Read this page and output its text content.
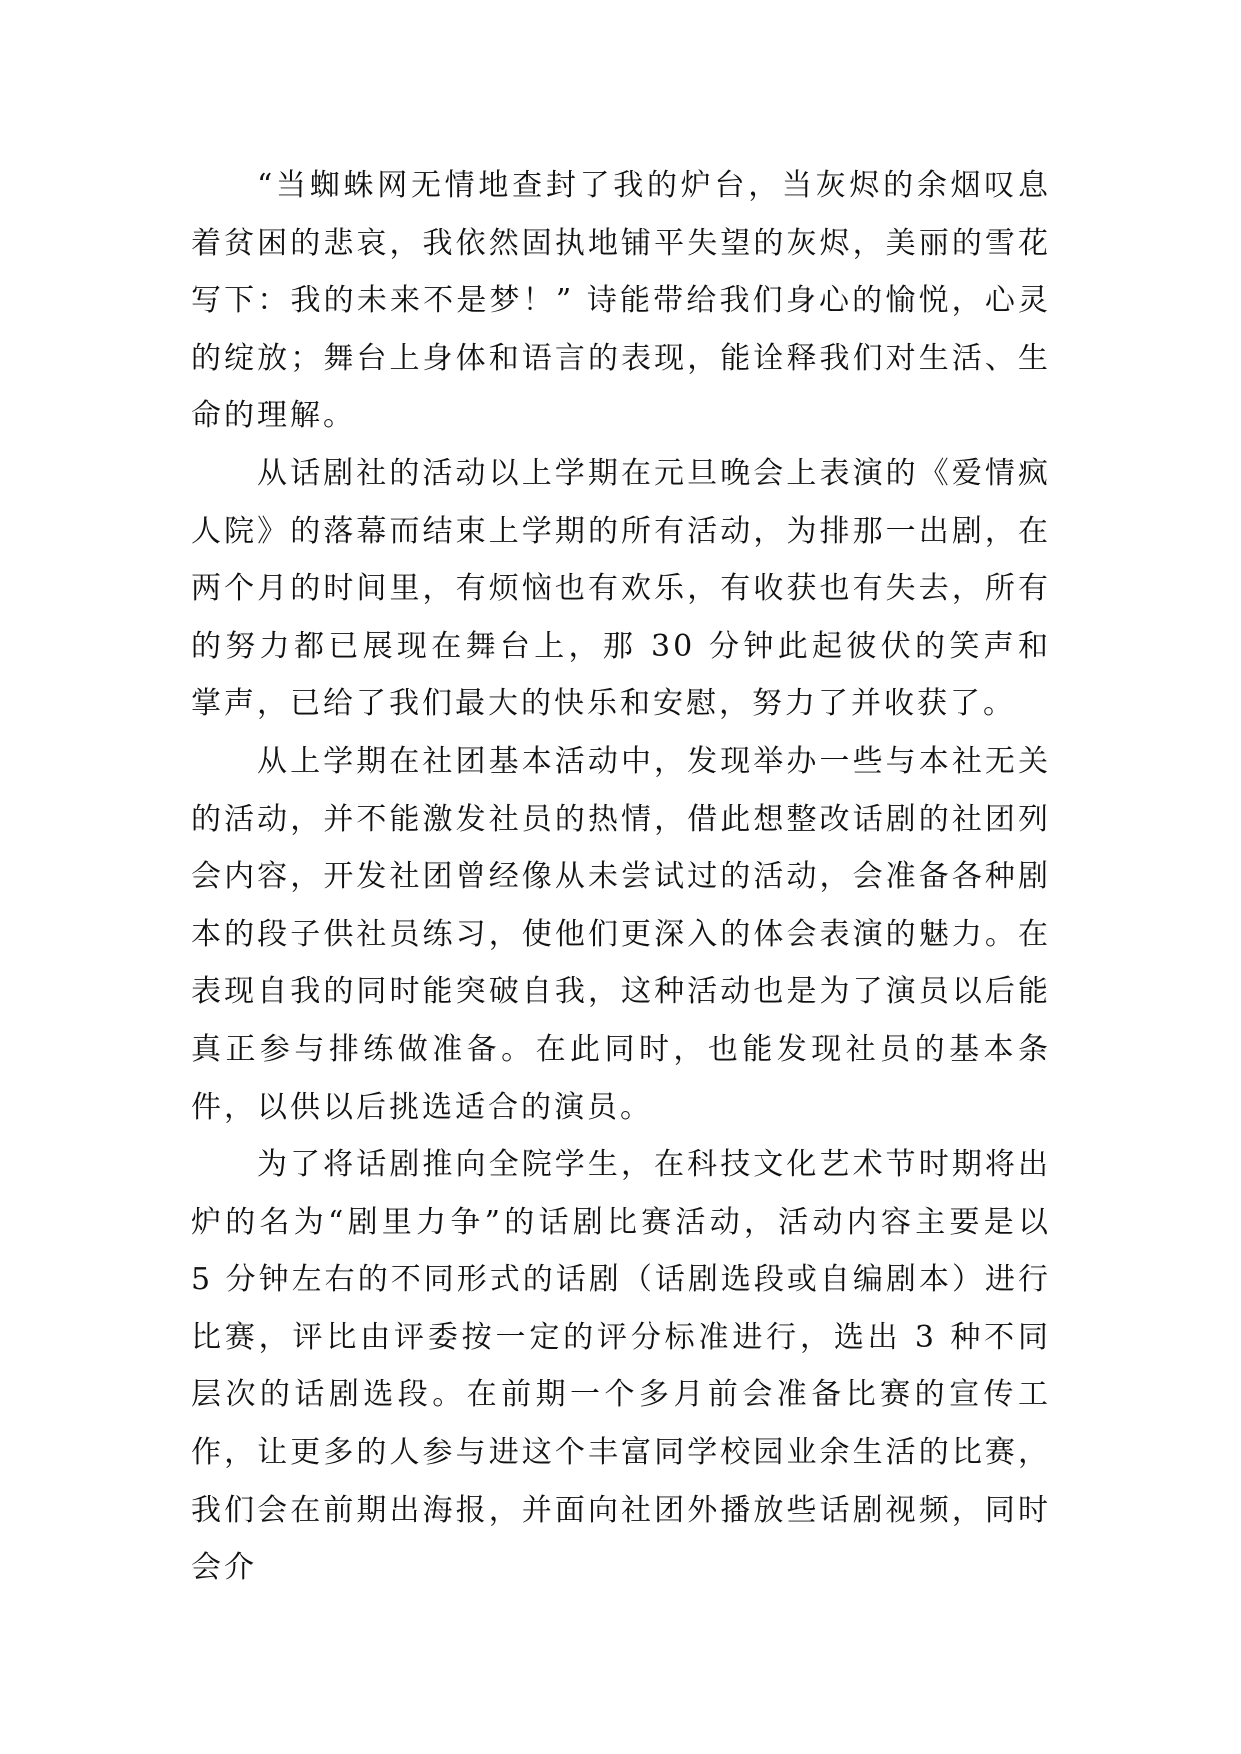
“当蜘蛛网无情地查封了我的炉台，当灰烬的余烟叹息着贫困的悲哀，我依然固执地铺平失望的灰烬，美丽的雪花写下：我的未来不是梦！” 诗能带给我们身心的愉悦，心灵的绽放；舞台上身体和语言的表现，能诠释我们对生活、生命的理解。

从话剧社的活动以上学期在元旦晚会上表演的《爱情疯人院》的落幕而结束上学期的所有活动，为排那一出剧，在两个月的时间里，有烦恼也有欢乐，有收获也有失去，所有的努力都已展现在舞台上，那 30 分钟此起彼伏的笑声和掌声，已给了我们最大的快乐和安慰，努力了并收获了。

从上学期在社团基本活动中，发现举办一些与本社无关的活动，并不能激发社员的热情，借此想整改话剧的社团列会内容，开发社团曾经像从未尝试过的活动，会准备各种剧本的段子供社员练习，使他们更深入的体会表演的魅力。在表现自我的同时能突破自我，这种活动也是为了演员以后能真正参与排练做准备。在此同时，也能发现社员的基本条件，以供以后挑选适合的演员。

为了将话剧推向全院学生，在科技文化艺术节时期将出炉的名为“剧里力争”的话剧比赛活动，活动内容主要是以 5 分钟左右的不同形式的话剧（话剧选段或自编剧本）进行比赛，评比由评委按一定的评分标准进行，选出 3 种不同层次的话剧选段。在前期一个多月前会准备比赛的宣传工作，让更多的人参与进这个丰富同学校园业余生活的比赛，我们会在前期出海报，并面向社团外播放些话剧视频，同时会介
